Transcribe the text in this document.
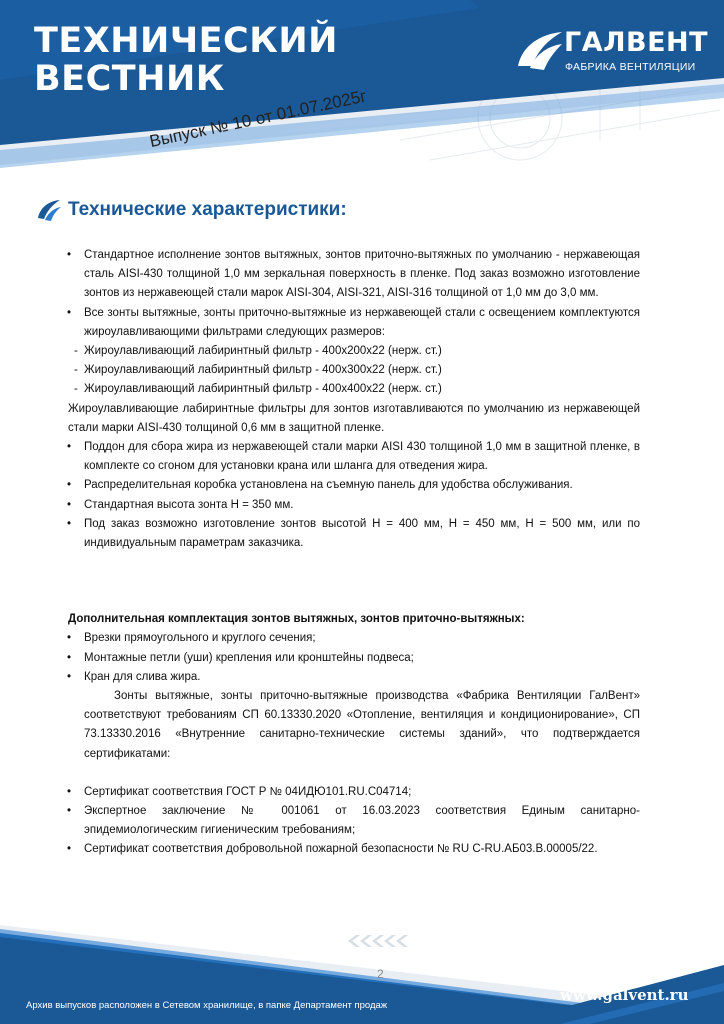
ТЕХНИЧЕСКИЙ
ВЕСТНИК
ГАЛВЕНТ
ФАБРИКА ВЕНТИЛЯЦИИ
Выпуск № 10 от 01.07.2025г
Технические характеристики:

• Стандартное исполнение зонтов вытяжных, зонтов приточно-вытяжных по умолчанию - нержавеющая сталь AISI-430 толщиной 1,0 мм зеркальная поверхность в пленке. Под заказ возможно изготовление зонтов из нержавеющей стали марок AISI-304, AISI-321, AISI-316 толщиной от 1,0 мм до 3,0 мм.

• Все зонты вытяжные, зонты приточно-вытяжные из нержавеющей стали с освещением комплектуются жироулавливающими фильтрами следующих размеров:

- Жироулавливающий лабиринтный фильтр - 400х200х22 (нерж. ст.)

- Жироулавливающий лабиринтный фильтр - 400х300х22 (нерж. ст.)

- Жироулавливающий лабиринтный фильтр - 400х400х22 (нерж. ст.)

Жироулавливающие лабиринтные фильтры для зонтов изготавливаются по умолчанию из нержавеющей стали марки AISI-430 толщиной 0,6 мм в защитной пленке.

• Поддон для сбора жира из нержавеющей стали марки AISI 430 толщиной 1,0 мм в защитной пленке, в комплекте со сгоном для установки крана или шланга для отведения жира.

• Распределительная коробка установлена на съемную панель для удобства обслуживания.

• Стандартная высота зонта H = 350 мм.

• Под заказ возможно изготовление зонтов высотой H = 400 мм, H = 450 мм, H = 500 мм, или по индивидуальным параметрам заказчика.

Дополнительная комплектация зонтов вытяжных, зонтов приточно-вытяжных:

• Врезки прямоугольного и круглого сечения;

• Монтажные петли (уши) крепления или кронштейны подвеса;

• Кран для слива жира.

Зонты вытяжные, зонты приточно-вытяжные производства «Фабрика Вентиляции ГалВент» соответствуют требованиям СП 60.13330.2020 «Отопление, вентиляция и кондиционирование», СП 73.13330.2016 «Внутренние санитарно-технические системы зданий», что подтверждается сертификатами:

• Сертификат соответствия ГОСТ Р № 04ИДЮ101.RU.С04714;

• Экспертное заключение № 001061 от 16.03.2023 соответствия Единым санитарно-эпидемиологическим гигиеническим требованиям;

• Сертификат соответствия добровольной пожарной безопасности № RU C-RU.АБ03.В.00005/22.

2
Архив выпусков расположен в Сетевом хранилище, в папке Департамент продаж
www.galvent.ru
